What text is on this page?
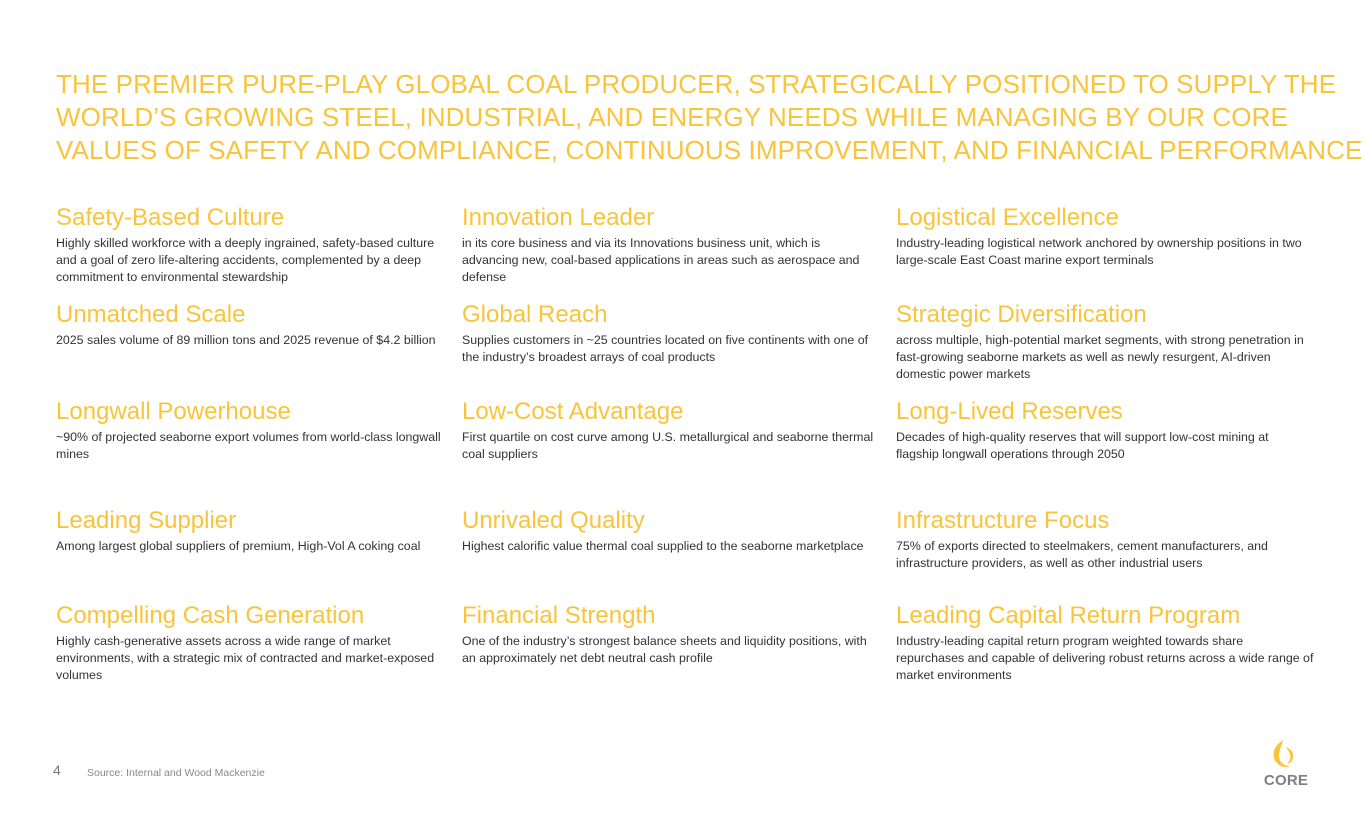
THE PREMIER PURE-PLAY GLOBAL COAL PRODUCER, STRATEGICALLY POSITIONED TO SUPPLY THE
WORLD’S GROWING STEEL, INDUSTRIAL, AND ENERGY NEEDS WHILE MANAGING BY OUR CORE
VALUES OF SAFETY AND COMPLIANCE, CONTINUOUS IMPROVEMENT, AND FINANCIAL PERFORMANCE
Safety-Based Culture

Highly skilled workforce with a deeply ingrained, safety-based culture and a goal of zero life-altering accidents, complemented by a deep commitment to environmental stewardship

Innovation Leader

in its core business and via its Innovations business unit, which is advancing new, coal-based applications in areas such as aerospace and defense

Logistical Excellence

Industry-leading logistical network anchored by ownership positions in two large-scale East Coast marine export terminals

Unmatched Scale

2025 sales volume of 89 million tons and 2025 revenue of $4.2 billion

Global Reach

Supplies customers in ~25 countries located on five continents with one of the industry’s broadest arrays of coal products

Strategic Diversification

across multiple, high-potential market segments, with strong penetration in fast-growing seaborne markets as well as newly resurgent, AI-driven domestic power markets

Longwall Powerhouse

~90% of projected seaborne export volumes from world-class longwall mines

Low-Cost Advantage

First quartile on cost curve among U.S. metallurgical and seaborne thermal coal suppliers

Long-Lived Reserves

Decades of high-quality reserves that will support low-cost mining at flagship longwall operations through 2050

Leading Supplier

Among largest global suppliers of premium, High-Vol A coking coal

Unrivaled Quality

Highest calorific value thermal coal supplied to the seaborne marketplace

Infrastructure Focus

75% of exports directed to steelmakers, cement manufacturers, and infrastructure providers, as well as other industrial users

Compelling Cash Generation

Highly cash-generative assets across a wide range of market environments, with a strategic mix of contracted and market-exposed volumes

Financial Strength

One of the industry’s strongest balance sheets and liquidity positions, with an approximately net debt neutral cash profile

Leading Capital Return Program

Industry-leading capital return program weighted towards share repurchases and capable of delivering robust returns across a wide range of market environments

4 Source: Internal and Wood Mackenzie	CORE
